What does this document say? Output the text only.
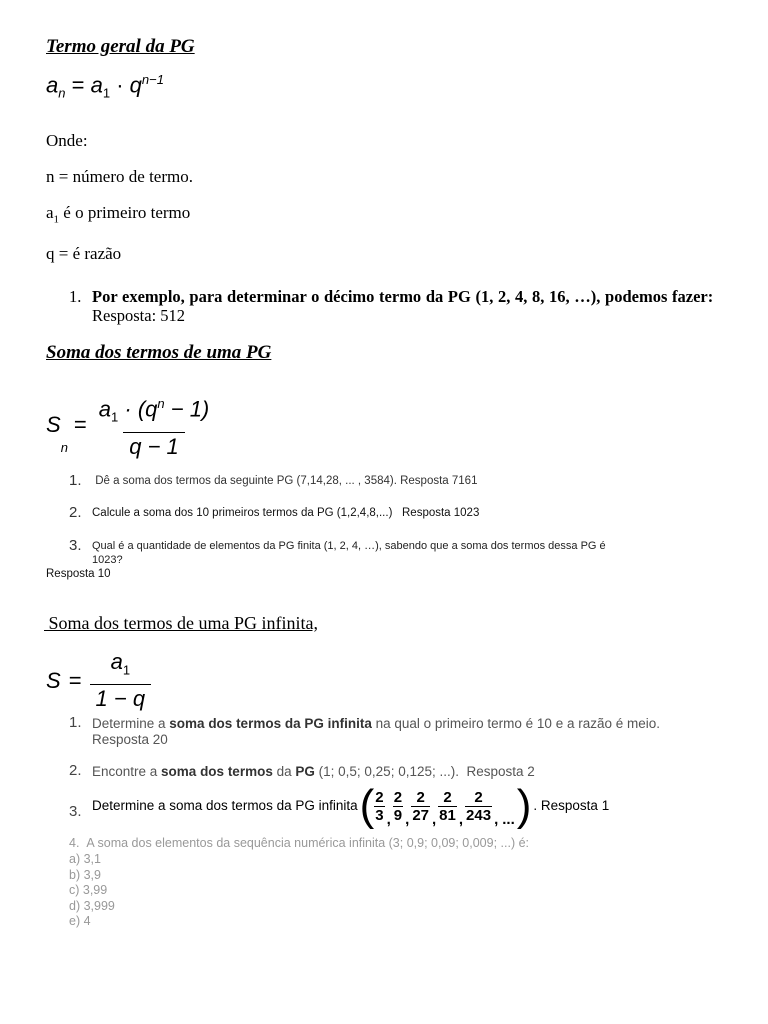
Termo geral da PG
$a_n = a_1 \cdot q^{n-1}$
Onde:
n = número de termo.
$a_1$ é o primeiro termo
q = é razão
1. Por exemplo, para determinar o décimo termo da PG (1, 2, 4, 8, 16, …), podemos fazer:   Resposta: 512
Soma dos termos de uma PG
S
n
= $\frac{a_1 \cdot (q^n - 1)}{q - 1}$
1. Dê a soma dos termos da seguinte PG (7,14,28, ... , 3584). Resposta 7161
2. Calcule a soma dos 10 primeiros termos da PG (1,2,4,8,...)   Resposta 1023
3. Qual é a quantidade de elementos da PG finita (1, 2, 4, …), sabendo que a soma dos termos dessa PG é
1023?
Resposta 10
Soma dos termos de uma PG infinita,
$S = \frac{a_1}{1 - q}$
1. Determine a soma dos termos da PG infinita na qual o primeiro termo é 10 e a razão é meio.
Resposta 20
2. Encontre a soma dos termos da PG (1; 0,5; 0,25; 0,125; ...).  Resposta 2
3. Determine a soma dos termos da PG infinita ( $\frac{2}{3}$ , $\frac{2}{9}$ , $\frac{2}{27}$ , $\frac{2}{81}$ , $\frac{2}{243}$ , ... ) . Resposta 1
4. A soma dos elementos da sequência numérica infinita (3; 0,9; 0,09; 0,009; ...) é:
a) 3,1
b) 3,9
c) 3,99
d) 3,999
e) 4
